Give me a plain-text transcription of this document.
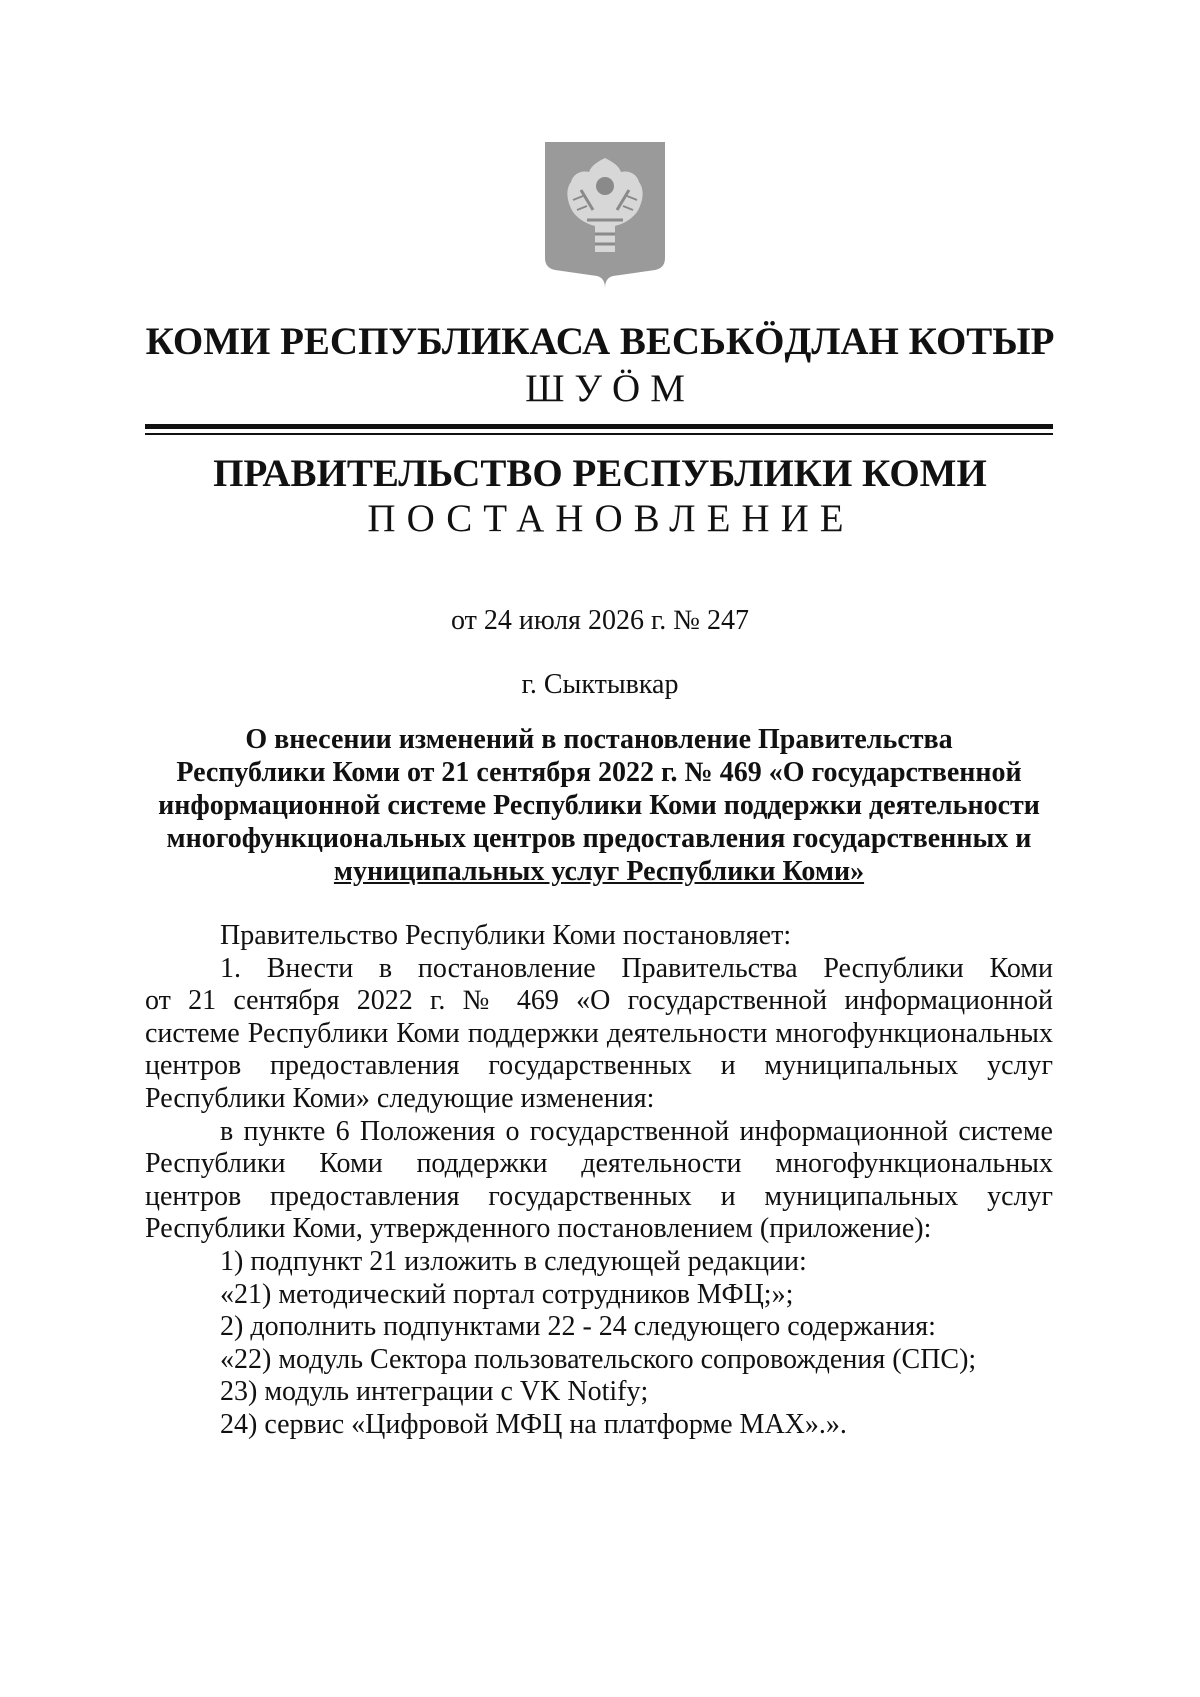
КОМИ РЕСПУБЛИКАСА ВЕСЬКӦДЛАН КОТЫР
ШУӦМ
ПРАВИТЕЛЬСТВО РЕСПУБЛИКИ КОМИ
ПОСТАНОВЛЕНИЕ
от 24 июля 2026 г. № 247
г. Сыктывкар
О внесении изменений в постановление Правительства
Республики Коми от 21 сентября 2022 г. № 469 «О государственной
информационной системе Республики Коми поддержки деятельности
многофункциональных центров предоставления государственных и
муниципальных услуг Республики Коми»

Правительство Республики Коми постановляет:

1. Внести в постановление Правительства Республики Коми

от 21 сентября 2022 г. № 469 «О государственной информационной

системе Республики Коми поддержки деятельности многофункциональных

центров предоставления государственных и муниципальных услуг

Республики Коми» следующие изменения:

в пункте 6 Положения о государственной информационной системе

Республики Коми поддержки деятельности многофункциональных

центров предоставления государственных и муниципальных услуг

Республики Коми, утвержденного постановлением (приложение):

1) подпункт 21 изложить в следующей редакции:

«21) методический портал сотрудников МФЦ;»;

2) дополнить подпунктами 22 - 24 следующего содержания:

«22) модуль Сектора пользовательского сопровождения (СПС);

23) модуль интеграции с VK Notify;

24) сервис «Цифровой МФЦ на платформе MAX».».
